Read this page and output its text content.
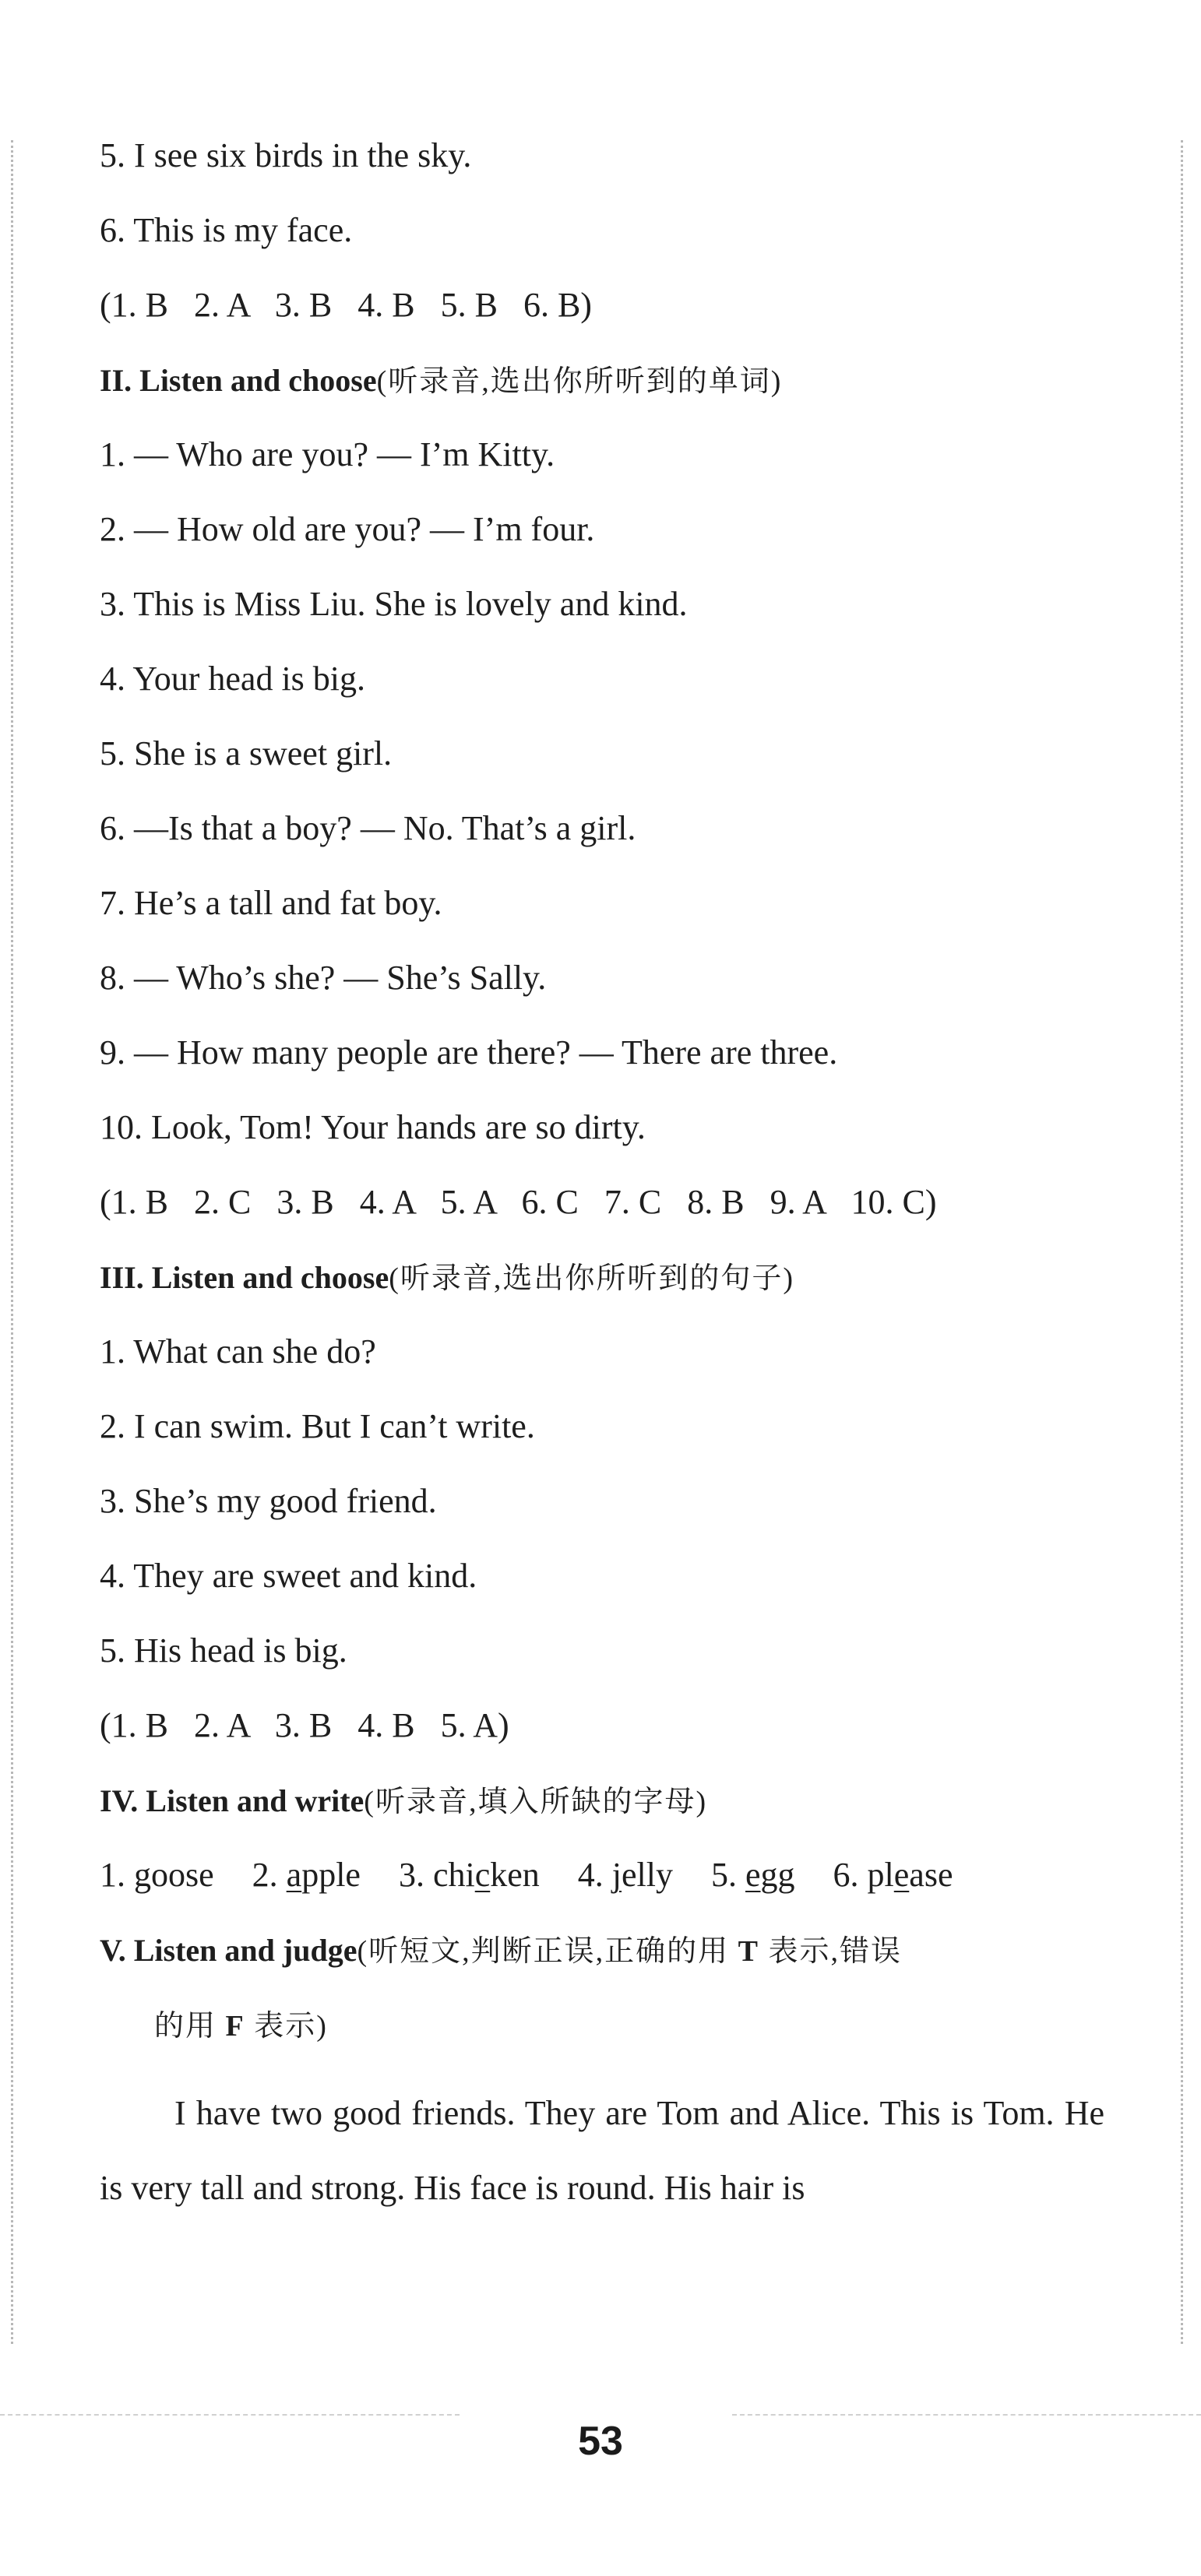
5. I see six birds in the sky.
6. This is my face.
(1. B   2. A   3. B   4. B   5. B   6. B)
II. Listen and choose(听录音,选出你所听到的单词)
1. — Who are you? — I’m Kitty.
2. — How old are you? — I’m four.
3. This is Miss Liu. She is lovely and kind.
4. Your head is big.
5. She is a sweet girl.
6. —Is that a boy? — No. That’s a girl.
7. He’s a tall and fat boy.
8. — Who’s she? — She’s Sally.
9. — How many people are there? — There are three.
10. Look, Tom! Your hands are so dirty.
(1. B   2. C   3. B   4. A   5. A   6. C   7. C   8. B   9. A   10. C)
III. Listen and choose(听录音,选出你所听到的句子)
1. What can she do?
2. I can swim. But I can’t write.
3. She’s my good friend.
4. They are sweet and kind.
5. His head is big.
(1. B   2. A   3. B   4. B   5. A)
IV. Listen and write(听录音,填入所缺的字母)
1. goose 2. apple 3. chicken 4. jelly 5. egg 6. please
V. Listen and judge(听短文,判断正误,正确的用 T 表示,错误
的用 F 表示)
I have two good friends. They are Tom and Alice. This is Tom. He is very tall and strong. His face is round. His hair is
53
